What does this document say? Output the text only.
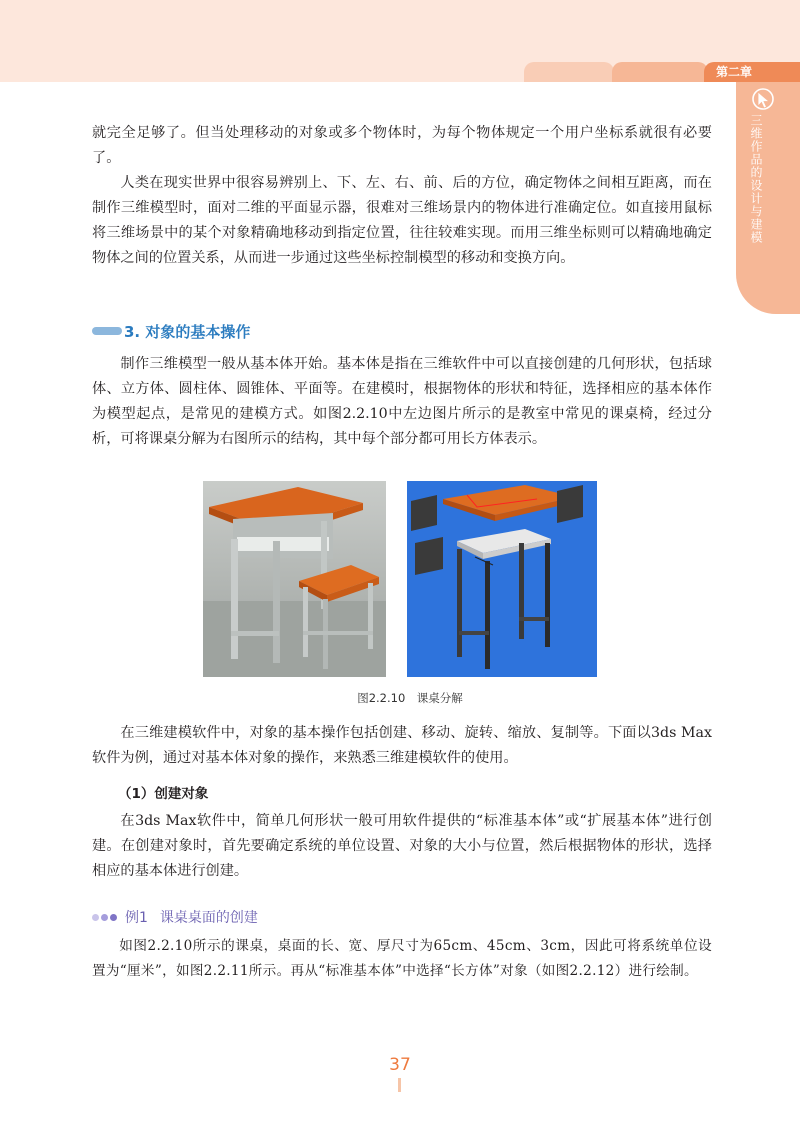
第二章
三维作品的设计与建模

就完全足够了。但当处理移动的对象或多个物体时，为每个物体规定一个用户坐标系就很有必要了。

人类在现实世界中很容易辨别上、下、左、右、前、后的方位，确定物体之间相互距离，而在制作三维模型时，面对二维的平面显示器，很难对三维场景内的物体进行准确定位。如直接用鼠标将三维场景中的某个对象精确地移动到指定位置，往往较难实现。而用三维坐标则可以精确地确定物体之间的位置关系，从而进一步通过这些坐标控制模型的移动和变换方向。

3. 对象的基本操作

制作三维模型一般从基本体开始。基本体是指在三维软件中可以直接创建的几何形状，包括球体、立方体、圆柱体、圆锥体、平面等。在建模时，根据物体的形状和特征，选择相应的基本体作为模型起点，是常见的建模方式。如图2.2.10中左边图片所示的是教室中常见的课桌椅，经过分析，可将课桌分解为右图所示的结构，其中每个部分都可用长方体表示。

图2.2.10　课桌分解

在三维建模软件中，对象的基本操作包括创建、移动、旋转、缩放、复制等。下面以3ds Max软件为例，通过对基本体对象的操作，来熟悉三维建模软件的使用。

（1）创建对象

在3ds Max软件中，简单几何形状一般可用软件提供的“标准基本体”或“扩展基本体”进行创建。在创建对象时，首先要确定系统的单位设置、对象的大小与位置，然后根据物体的形状，选择相应的基本体进行创建。

例1 课桌桌面的创建

如图2.2.10所示的课桌，桌面的长、宽、厚尺寸为65cm、45cm、3cm，因此可将系统单位设置为“厘米”，如图2.2.11所示。再从“标准基本体”中选择“长方体”对象（如图2.2.12）进行绘制。

37
